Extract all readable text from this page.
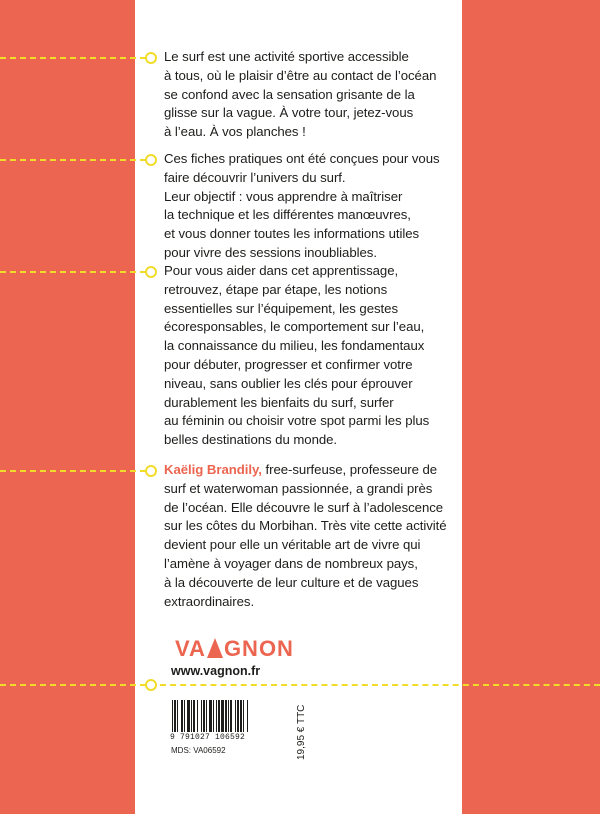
Le surf est une activité sportive accessible
à tous, où le plaisir d’être au contact de l’océan
se confond avec la sensation grisante de la
glisse sur la vague. À votre tour, jetez-vous
à l’eau. À vos planches !
Ces fiches pratiques ont été conçues pour vous
faire découvrir l’univers du surf.
Leur objectif : vous apprendre à maîtriser
la technique et les différentes manœuvres,
et vous donner toutes les informations utiles
pour vivre des sessions inoubliables.
Pour vous aider dans cet apprentissage,
retrouvez, étape par étape, les notions
essentielles sur l’équipement, les gestes
écoresponsables, le comportement sur l’eau,
la connaissance du milieu, les fondamentaux
pour débuter, progresser et confirmer votre
niveau, sans oublier les clés pour éprouver
durablement les bienfaits du surf, surfer
au féminin ou choisir votre spot parmi les plus
belles destinations du monde.
Kaëlig Brandily, free-surfeuse, professeure de
surf et waterwoman passionnée, a grandi près
de l’océan. Elle découvre le surf à l’adolescence
sur les côtes du Morbihan. Très vite cette activité
devient pour elle un véritable art de vivre qui
l’amène à voyager dans de nombreux pays,
à la découverte de leur culture et de vagues
extraordinaires.
VA GNON
www.vagnon.fr
9 791027 106592	19,95 € TTC
MDS: VA06592
